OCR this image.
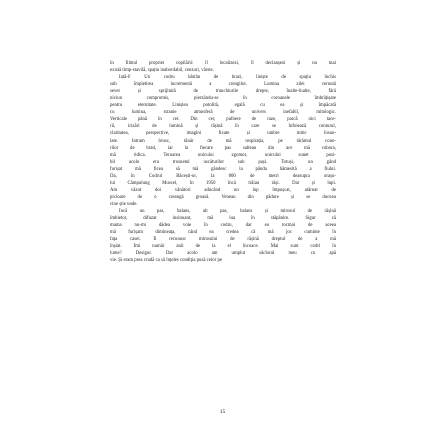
în filmul propriei copilării: îl localizezi, îl declanșezi și nu mai
există timp-stavilă, spațiu inabordabil, cenzuri, vârste.
Iată-l! Un codru bătrân de brazi, liniște de spațiu închis
sub împletirea incrementă a crengilor. Lumina zilei cernută
sever și sprijinită de trunchiurile drepte, înalte-înalte, fără
niciun compromis, pierzându-se în coroanele îmbrățișate
pentru eternitate. Liniștea potolită, egală cu ea și împăcată
cu lumina, stranie atmosferă de univers inefabil, mitologic.
Verticale pănă în cer. Din cer, pulbere de raze, parcă nici tace-
rii, irizări de lumină și rășină în care se înfoiează conturul,
claritatea, perspective, imagini fixate și umbre mitic însuo-
late. Intram brusc, tânăr de mă respirația, pe tărâmul cono-
rilor de brad, iar la fiecare pas salteau din ace mă cobora,
mă ridica. Teroarea unicului zgomot, unicului sunet posi-
bil acolo era trosnetul uscăturilor sub pași. Totuși, un gând
furișat mă ficea să mă gândesc la pânda hămesită a fiului.
Da, în Codrul Băcești-or, la 800 de metri deasupra orașu-
lui Câmpulung Muscel, în 1950 încă trăiau râși. Dar și lupi.
Am văzut doi vânători aducând un lup împușcat, atârnat de
picioare de o creangă groasă. Veneau din pădure și se duceau
cine știe unde.
Încă un pas, balans, alt pas, balans și mirosul de rășină
îmbietor, difuzat insinuant, mă lua în stăpânire. Sigur că
mama nu-mi dădea voie în codru, dar eu tocmai de aceea
mă furișam dimineața, când ea credea că mă joc cuminte în
fața casei. Îl recunosc mirosului de rășină dreptul de a mă
înșiat. Îmi număr anii de la el încoace. Mai sunt codri în
lume? Desigur. Dar acolo am umplut sâcîorul meu cu apă
vie. Și eram prea crudă ca să înțeles condiția pusă celor pe
15
